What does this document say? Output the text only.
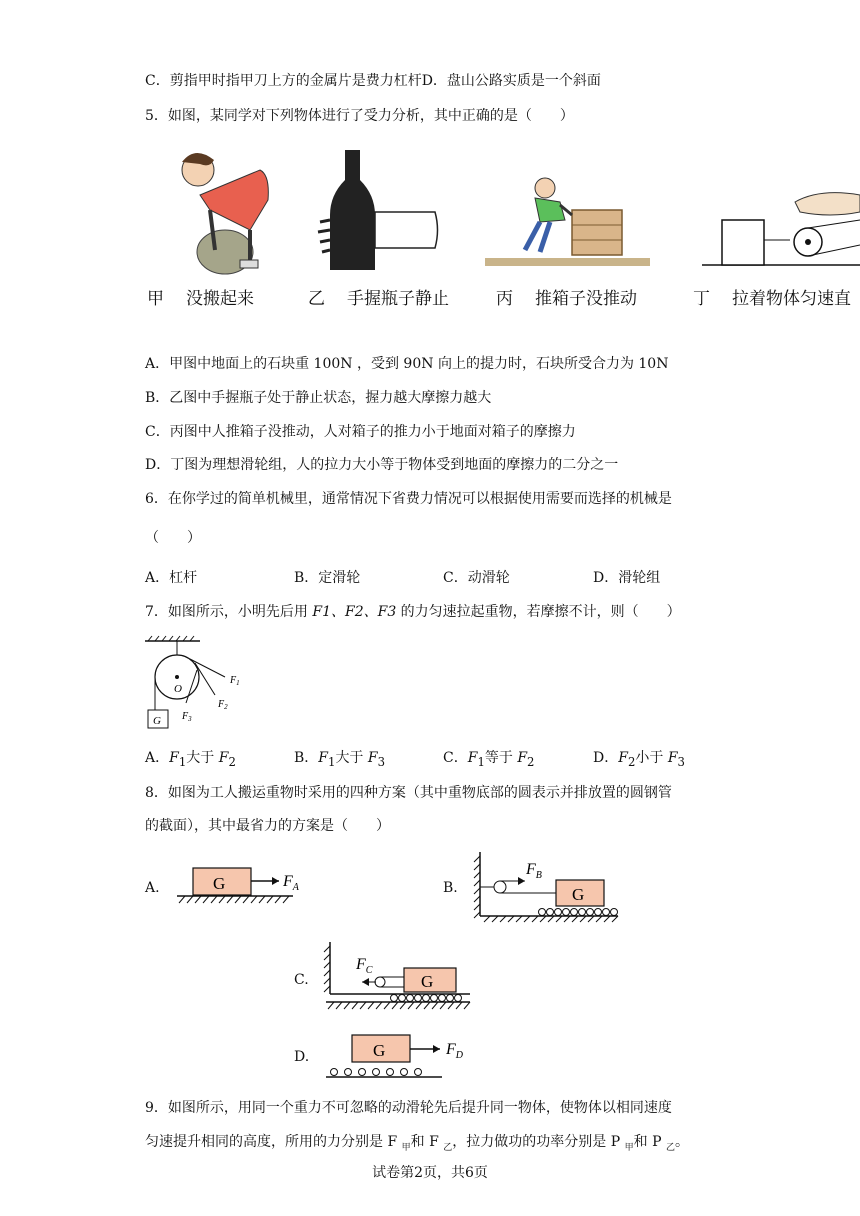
C．剪指甲时指甲刀上方的金属片是费力杠杆D．盘山公路实质是一个斜面
5．如图，某同学对下列物体进行了受力分析，其中正确的是（　　）
甲 没搬起来	乙 手握瓶子静止	丙 推箱子没推动	丁 拉着物体匀速直
A．甲图中地面上的石块重 100N ，受到 90N 向上的提力时，石块所受合力为 10N
B．乙图中手握瓶子处于静止状态，握力越大摩擦力越大
C．丙图中人推箱子没推动，人对箱子的推力小于地面对箱子的摩擦力
D．丁图为理想滑轮组，人的拉力大小等于物体受到地面的摩擦力的二分之一
6．在你学过的简单机械里，通常情况下省费力情况可以根据使用需要而选择的机械是
（　　）
A．杠杆	B．定滑轮	C．动滑轮	D．滑轮组
7．如图所示，小明先后用 F1、F2、F3 的力匀速拉起重物，若摩擦不计，则（　　）
O
G
$F_1$
$F_2$
$F_3$
A．$F_1$大于 $F_2$	B．$F_1$大于 $F_3$	C．$F_1$等于 $F_2$	D．$F_2$小于 $F_3$
8．如图为工人搬运重物时采用的四种方案（其中重物底部的圆表示并排放置的圆钢管
的截面），其中最省力的方案是（　　）
A.	G	$F_A$	B.	G
$F_B$
C.	G
$F_C$
D.	G	$F_D$
9．如图所示，用同一个重力不可忽略的动滑轮先后提升同一物体，使物体以相同速度
匀速提升相同的高度，所用的力分别是 F $_甲$和 F $_乙$，拉力做功的功率分别是 P $_甲$和 P $_乙$。
试卷第2页，共6页
